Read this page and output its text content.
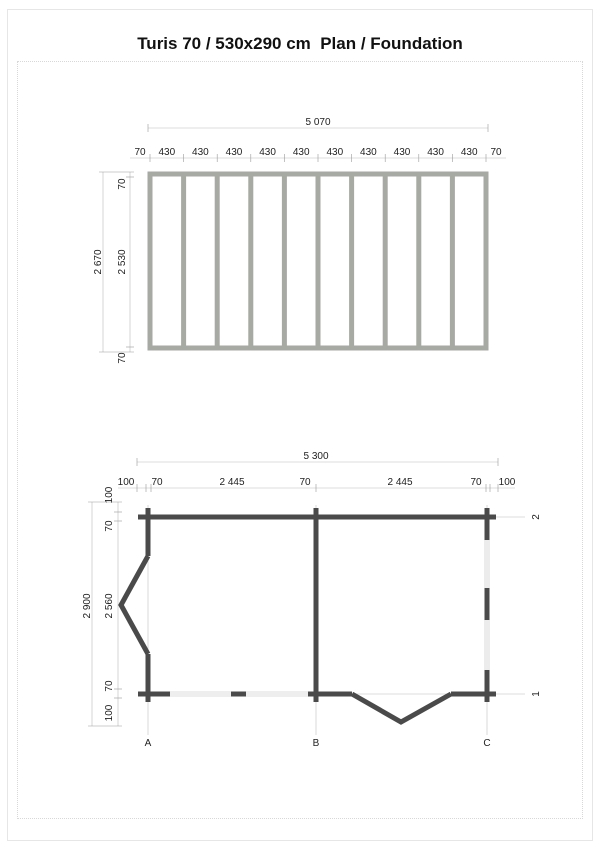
Turis 70 / 530x290 cm  Plan / Foundation
5 070
70 430 430 430 430 430 430 430 430 430 430 70
2 670 2 530
70
70
5 300
100 70	2 445	70	2 445	70 100
2 900 2 560
100
70
70
100
A	B	C
2
1
